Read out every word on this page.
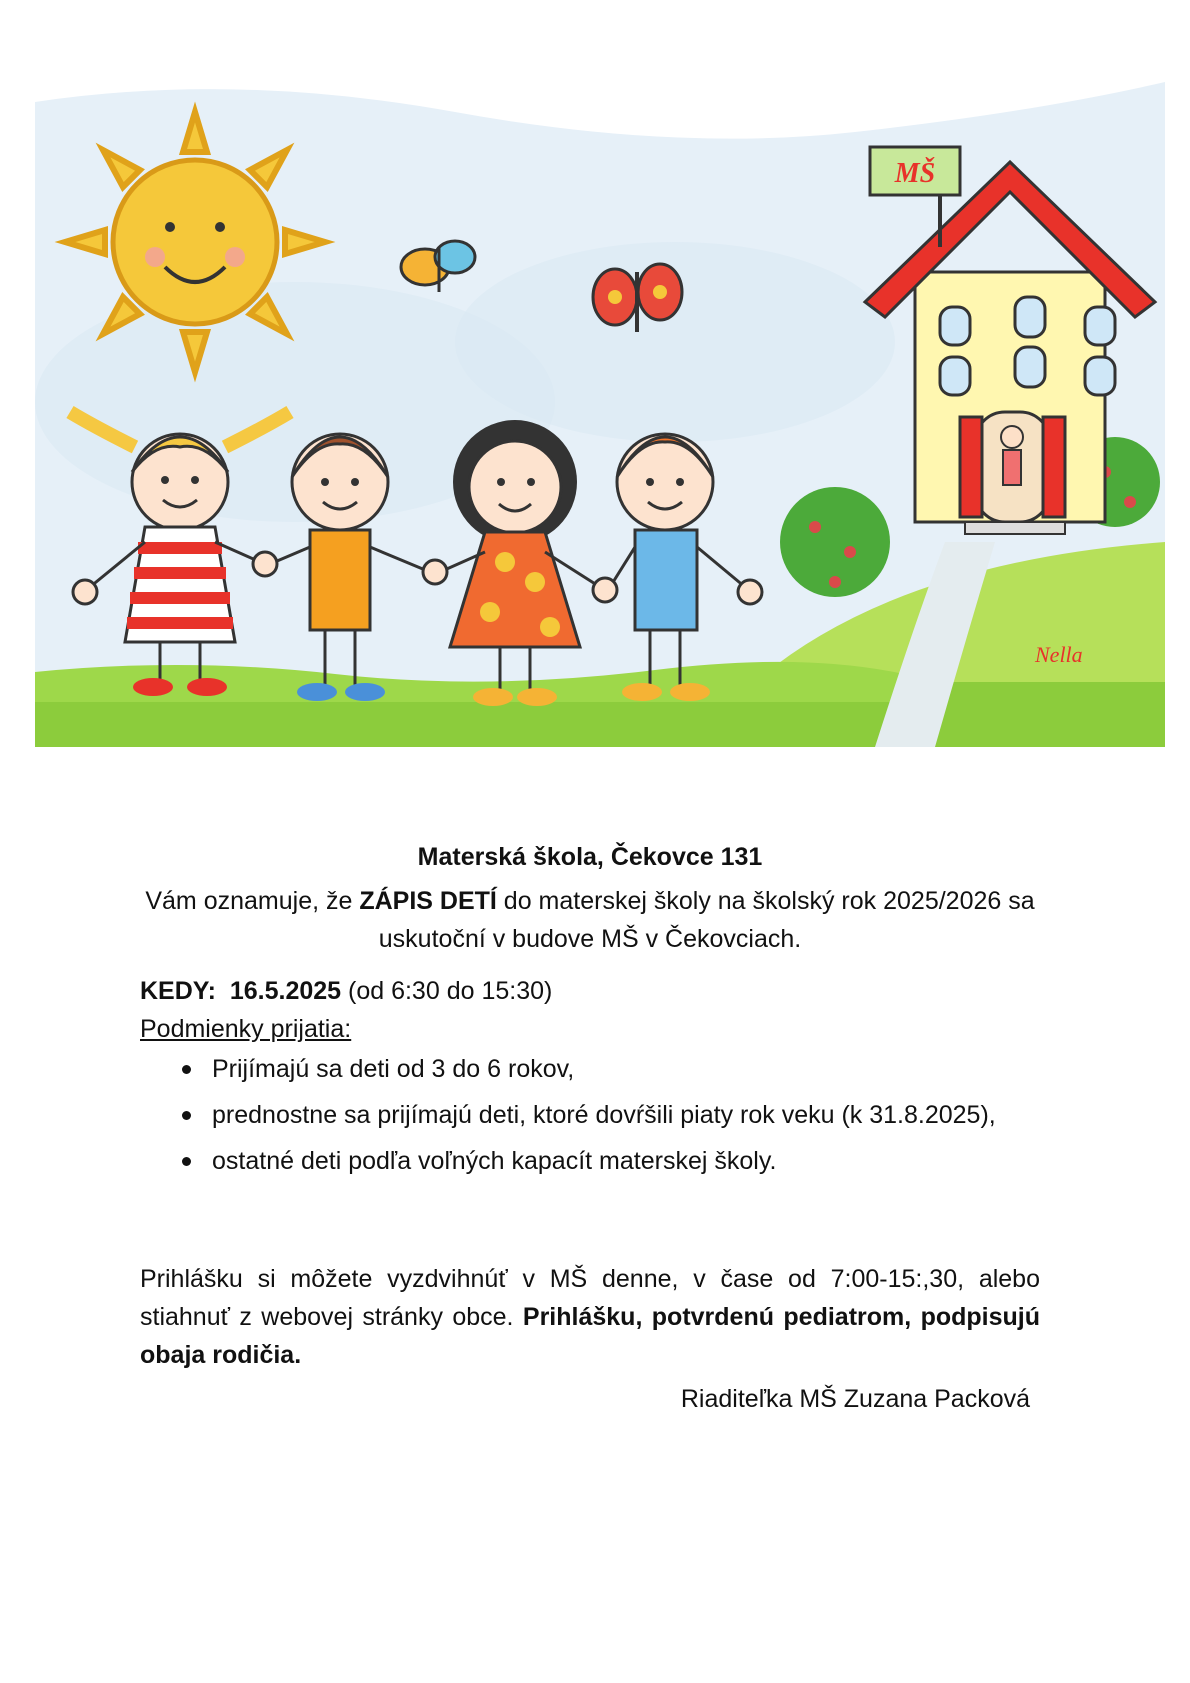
MŠ
Nella

Materská škola, Čekovce 131

Vám oznamuje, že ZÁPIS DETÍ do materskej školy na školský rok 2025/2026 sa uskutoční v budove MŠ v Čekovciach.

KEDY: 16.5.2025 (od 6:30 do 15:30)

Podmienky prijatia:

Prijímajú sa deti od 3 do 6 rokov,
prednostne sa prijímajú deti, ktoré dovŕšili piaty rok veku (k 31.8.2025),
ostatné deti podľa voľných kapacít materskej školy.

Prihlášku si môžete vyzdvihnúť v MŠ denne, v čase od 7:00-15:,30, alebo stiahnuť z webovej stránky obce. Prihlášku, potvrdenú pediatrom, podpisujú obaja rodičia.

Riaditeľka MŠ Zuzana Packová
